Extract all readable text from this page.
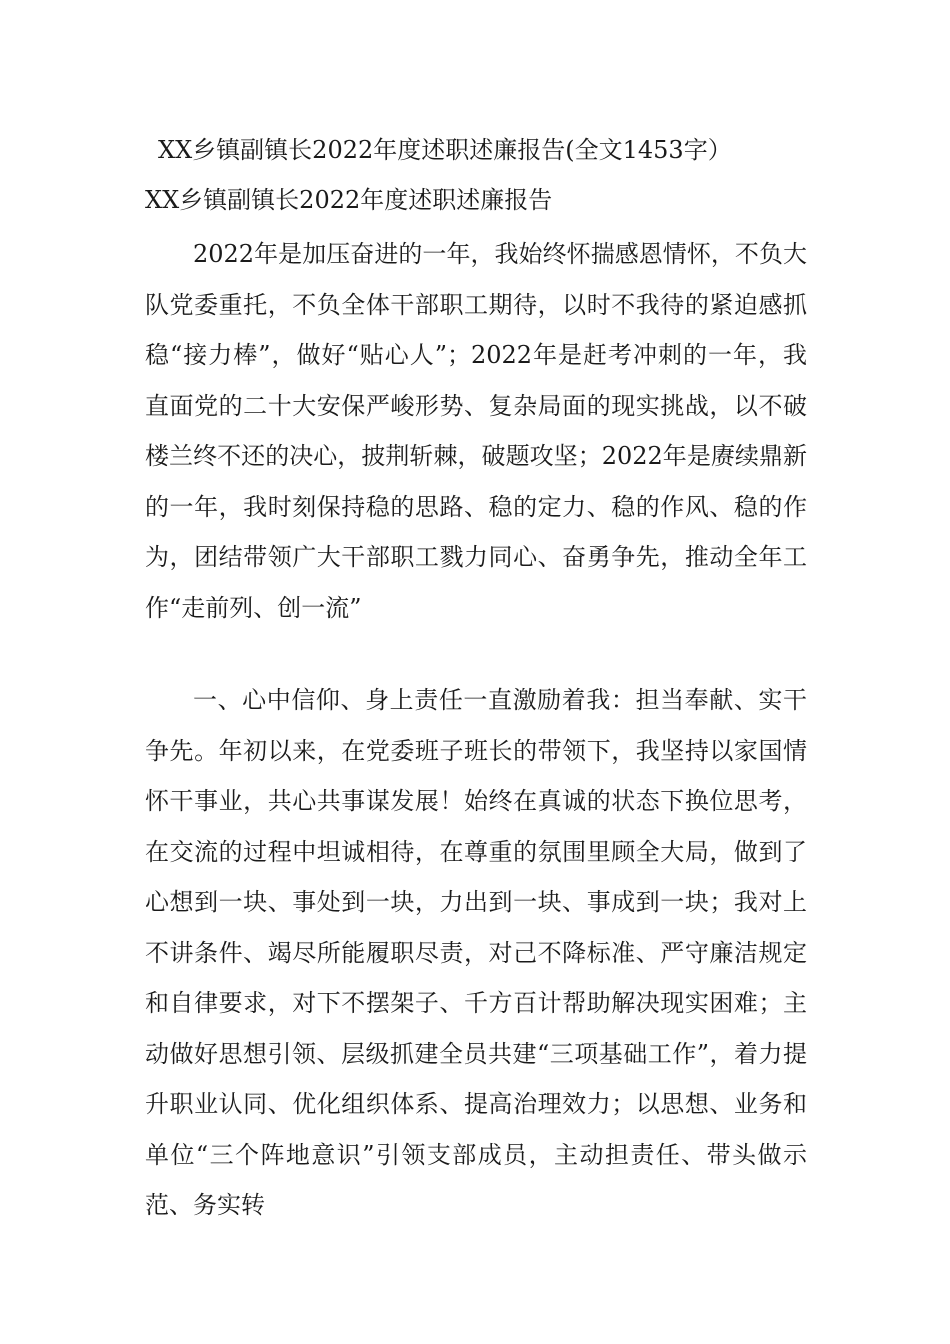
XX乡镇副镇长2022年度述职述廉报告(全文1453字）
XX乡镇副镇长2022年度述职述廉报告

2022年是加压奋进的一年，我始终怀揣感恩情怀，不负大队党委重托，不负全体干部职工期待，以时不我待的紧迫感抓稳“接力棒”，做好“贴心人”；2022年是赶考冲刺的一年，我直面党的二十大安保严峻形势、复杂局面的现实挑战，以不破楼兰终不还的决心，披荆斩棘，破题攻坚；2022年是赓续鼎新的一年，我时刻保持稳的思路、稳的定力、稳的作风、稳的作为，团结带领广大干部职工戮力同心、奋勇争先，推动全年工作“走前列、创一流”

一、心中信仰、身上责任一直激励着我：担当奉献、实干争先。年初以来，在党委班子班长的带领下，我坚持以家国情怀干事业，共心共事谋发展！始终在真诚的状态下换位思考，在交流的过程中坦诚相待，在尊重的氛围里顾全大局，做到了心想到一块、事处到一块，力出到一块、事成到一块；我对上不讲条件、竭尽所能履职尽责，对己不降标准、严守廉洁规定和自律要求，对下不摆架子、千方百计帮助解决现实困难；主动做好思想引领、层级抓建全员共建“三项基础工作”，着力提升职业认同、优化组织体系、提高治理效力；以思想、业务和单位“三个阵地意识”引领支部成员，主动担责任、带头做示范、务实转
